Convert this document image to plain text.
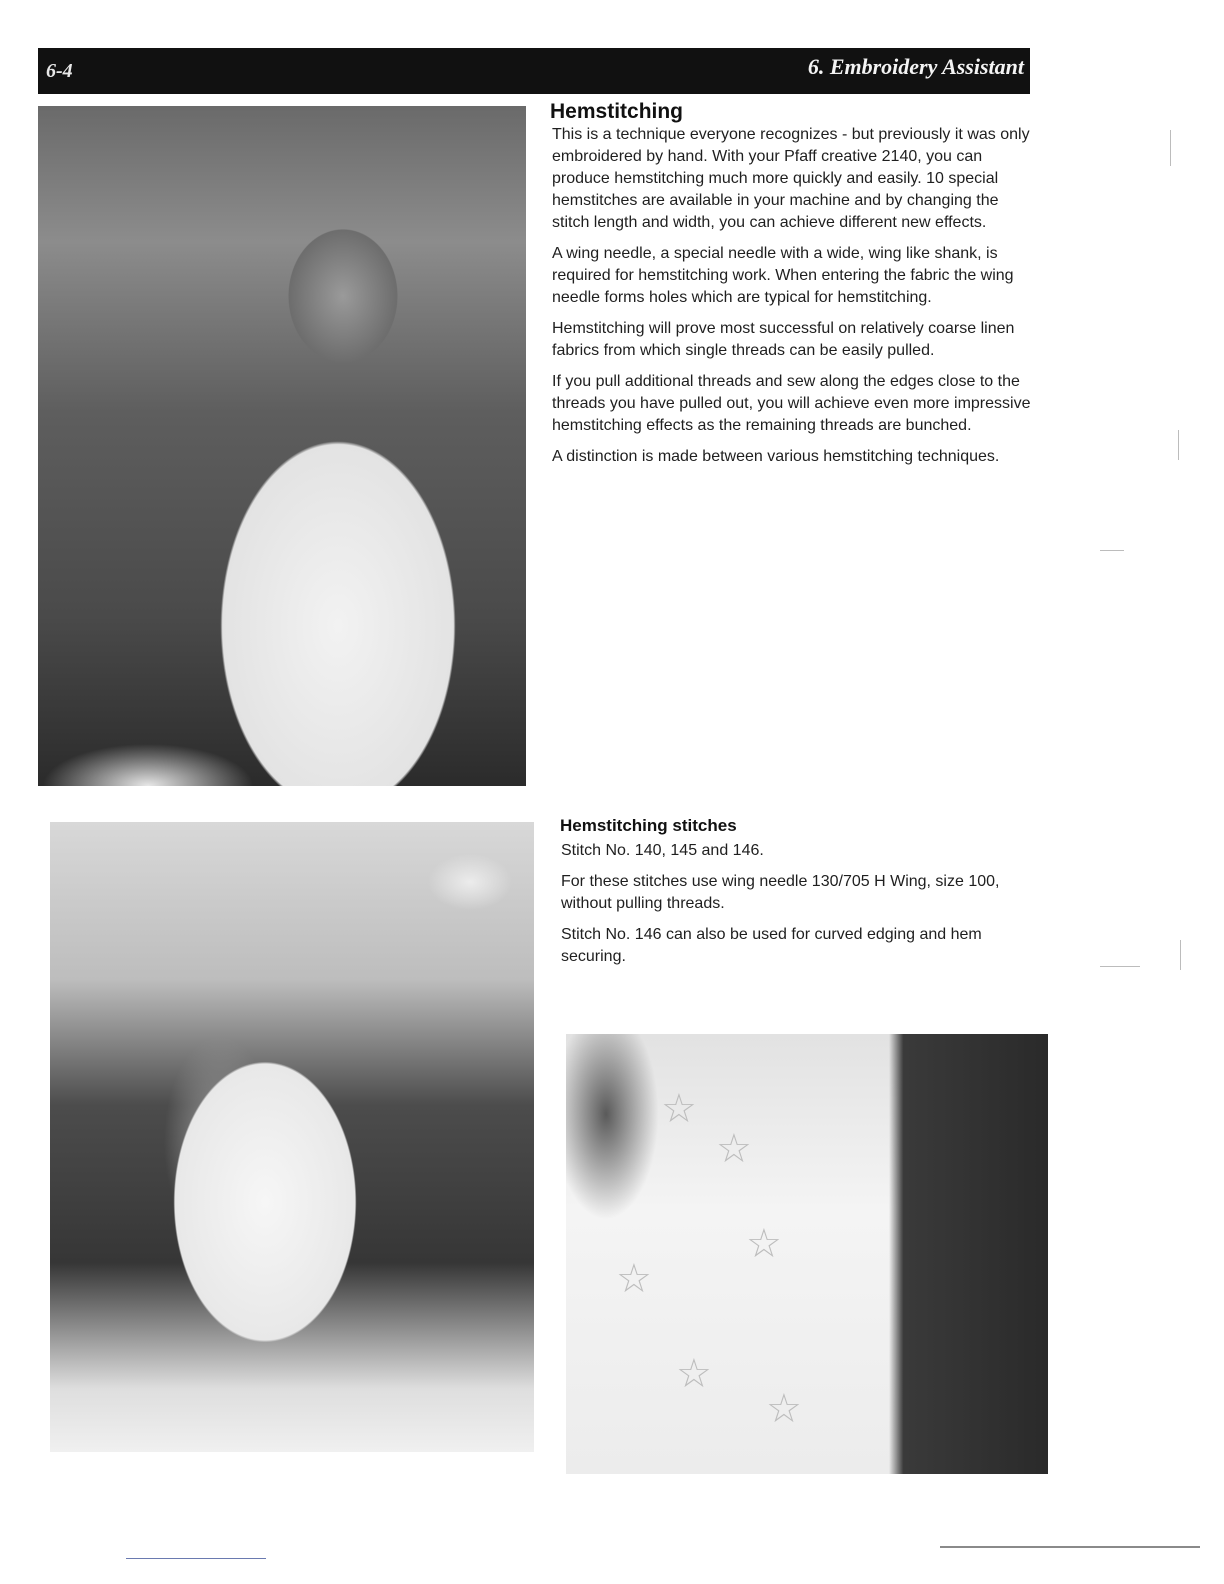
6-4	6. Embroidery Assistant
☆
☆
☆
☆
☆
☆
Hemstitching

This is a technique everyone recognizes - but previously it was only embroidered by hand. With your Pfaff creative 2140, you can produce hemstitching much more quickly and easily. 10 special hemstitches are available in your machine and by changing the stitch length and width, you can achieve different new effects.

A wing needle, a special needle with a wide, wing like shank, is required for hemstitching work. When entering the fabric the wing needle forms holes which are typical for hemstitching.

Hemstitching will prove most successful on relatively coarse linen fabrics from which single threads can be easily pulled.

If you pull additional threads and sew along the edges close to the threads you have pulled out, you will achieve even more impressive hemstitching effects as the remaining threads are bunched.

A distinction is made between various hemstitching techniques.

Hemstitching stitches

Stitch No. 140, 145 and 146.

For these stitches use wing needle 130/705 H Wing, size 100, without pulling threads.

Stitch No. 146 can also be used for curved edging and hem securing.
